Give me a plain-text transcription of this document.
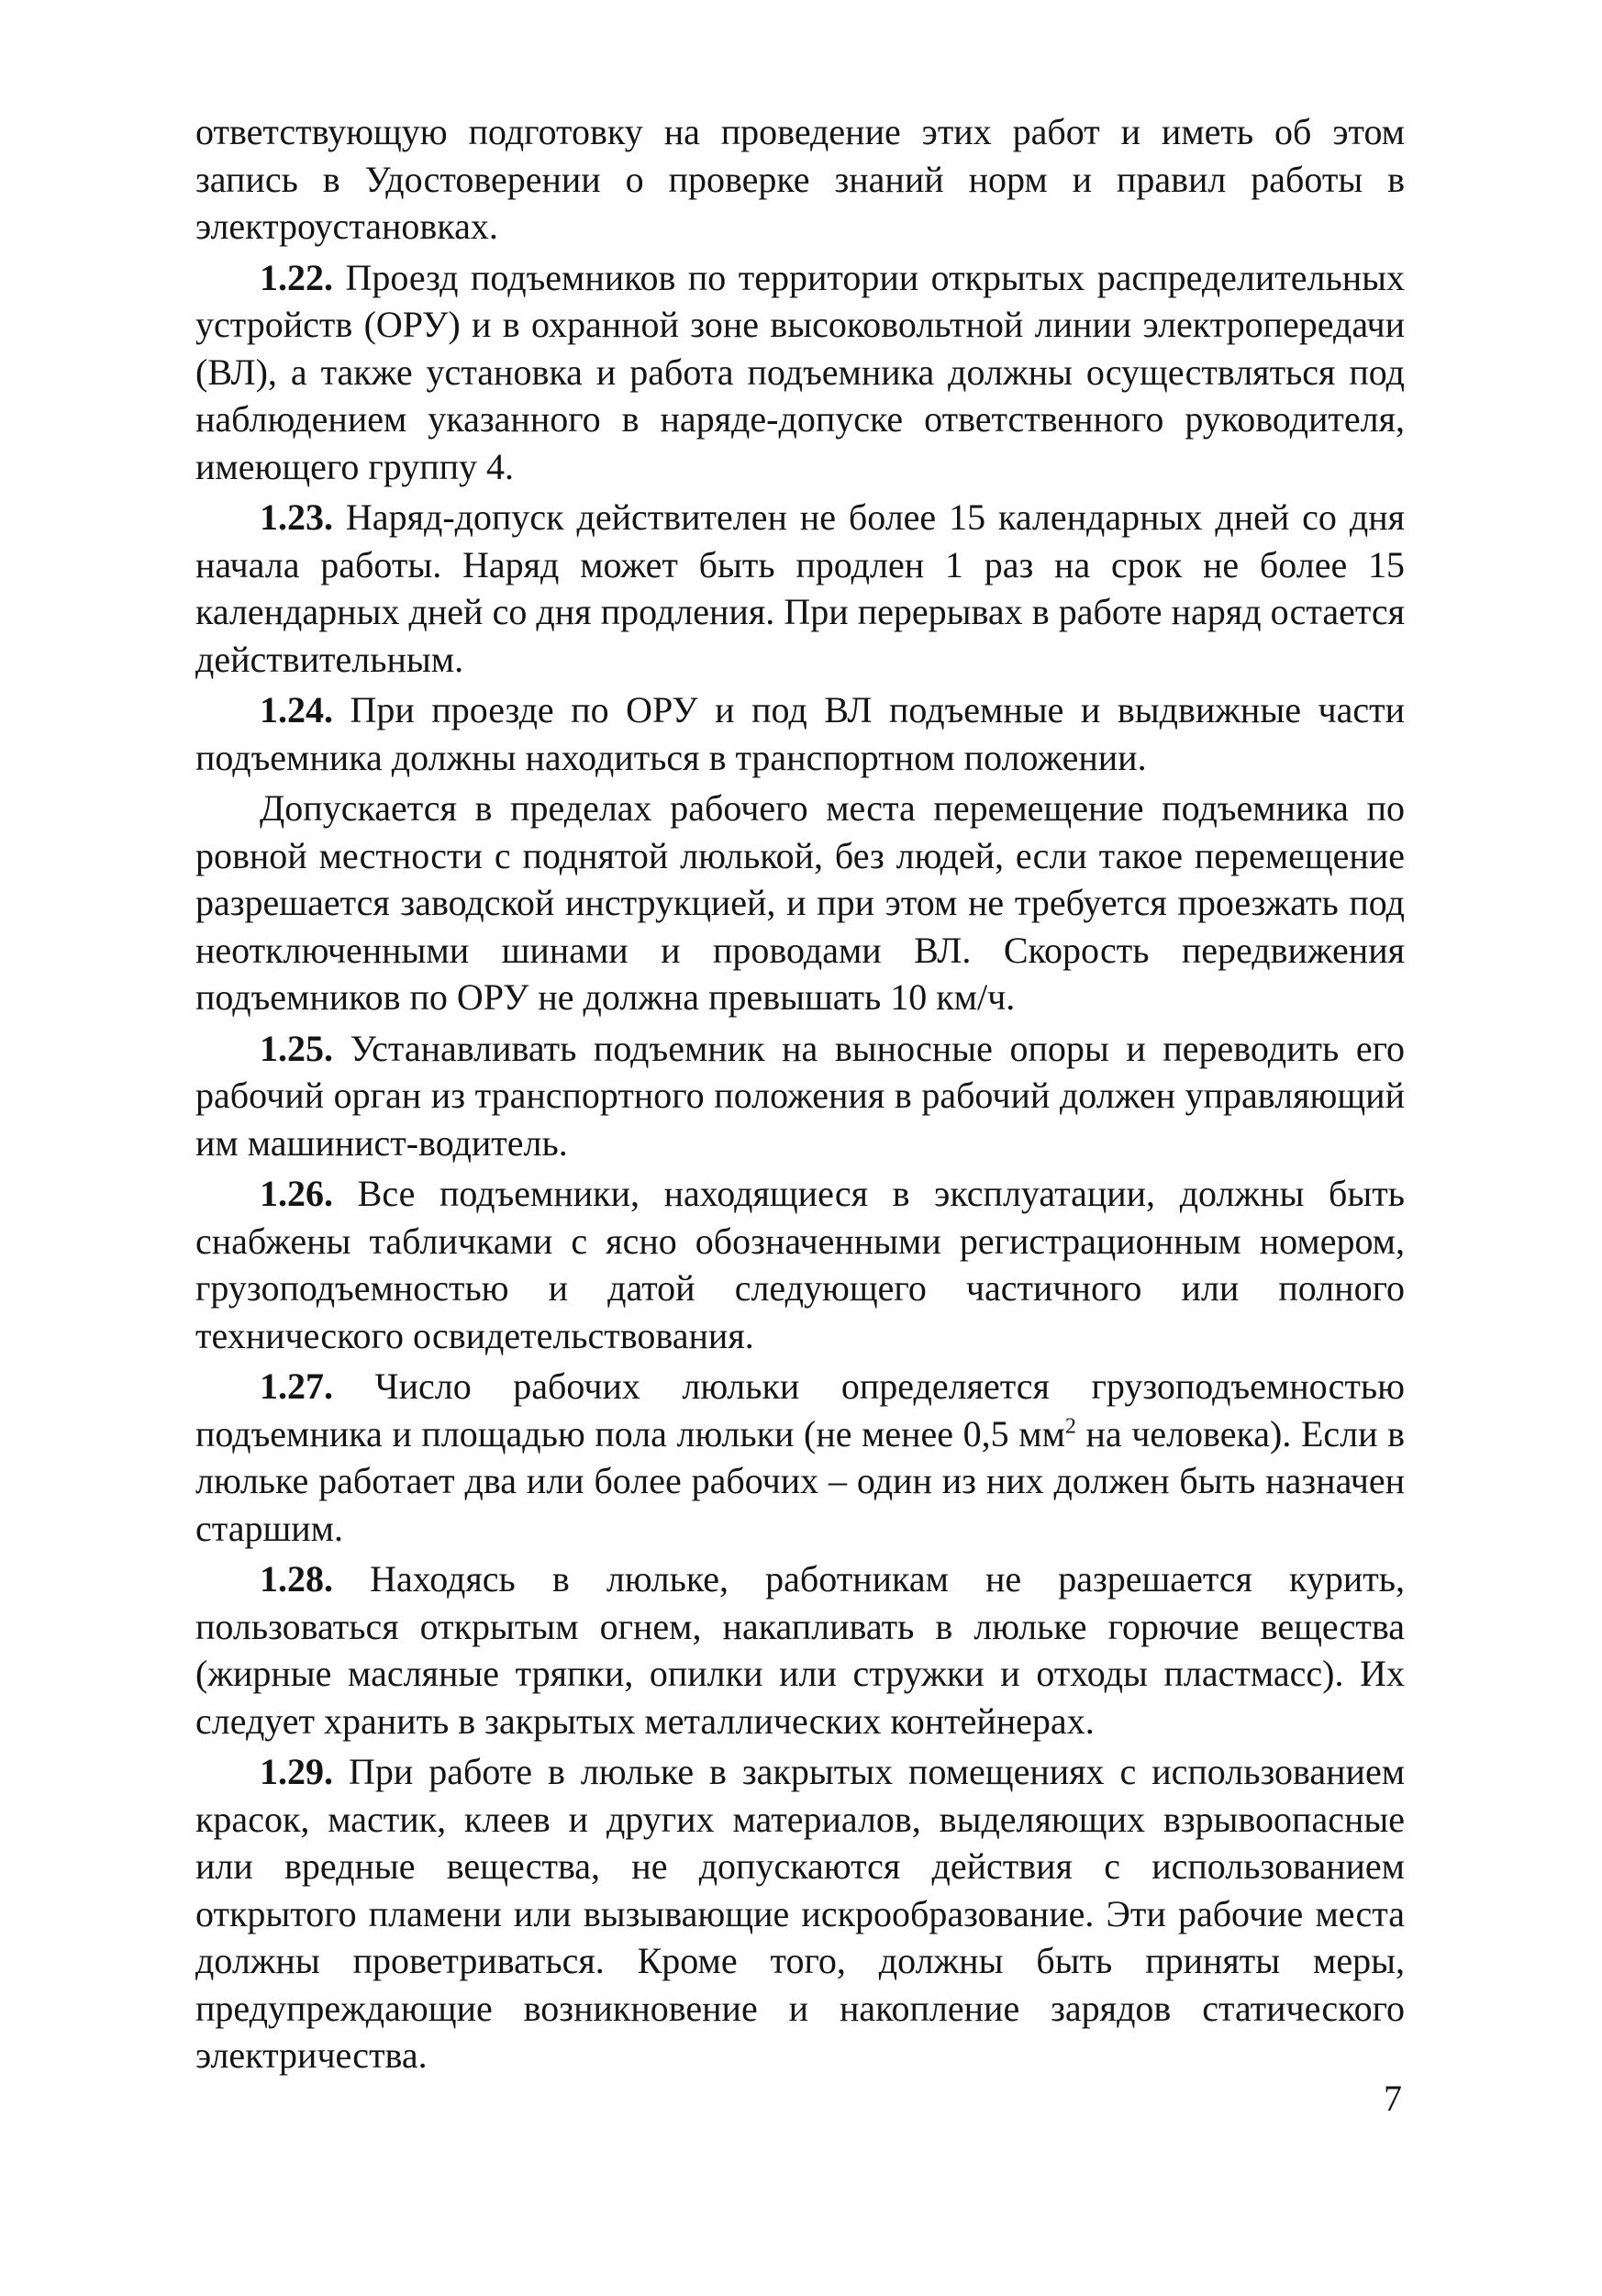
ответствующую подготовку на проведение этих работ и иметь об этом запись в Удостоверении о проверке знаний норм и правил работы в электроустановках.

1.22. Проезд подъемников по территории открытых распределительных устройств (ОРУ) и в охранной зоне высоковольтной линии электропередачи (ВЛ), а также установка и работа подъемника должны осуществляться под наблюдением указанного в наряде-допуске ответственного руководителя, имеющего группу 4.

1.23. Наряд-допуск действителен не более 15 календарных дней со дня начала работы. Наряд может быть продлен 1 раз на срок не более 15 календарных дней со дня продления. При перерывах в работе наряд остается действительным.

1.24. При проезде по ОРУ и под ВЛ подъемные и выдвижные части подъемника должны находиться в транспортном положении.

Допускается в пределах рабочего места перемещение подъемника по ровной местности с поднятой люлькой, без людей, если такое перемещение разрешается заводской инструкцией, и при этом не требуется проезжать под неотключенными шинами и проводами ВЛ. Скорость передвижения подъемников по ОРУ не должна превышать 10 км/ч.

1.25. Устанавливать подъемник на выносные опоры и переводить его рабочий орган из транспортного положения в рабочий должен управляющий им машинист-водитель.

1.26. Все подъемники, находящиеся в эксплуатации, должны быть снабжены табличками с ясно обозначенными регистрационным номером, грузоподъемностью и датой следующего частичного или полного технического освидетельствования.

1.27. Число рабочих люльки определяется грузоподъемностью подъемника и площадью пола люльки (не менее 0,5 $мм^2$ на человека). Если в люльке работает два или более рабочих – один из них должен быть назначен старшим.

1.28. Находясь в люльке, работникам не разрешается курить, пользоваться открытым огнем, накапливать в люльке горючие вещества (жирные масляные тряпки, опилки или стружки и отходы пластмасс). Их следует хранить в закрытых металлических контейнерах.

1.29. При работе в люльке в закрытых помещениях с использованием красок, мастик, клеев и других материалов, выделяющих взрывоопасные или вредные вещества, не допускаются действия с использованием открытого пламени или вызывающие искрообразование. Эти рабочие места должны проветриваться. Кроме того, должны быть приняты меры, предупреждающие возникновение и накопление зарядов статического электричества.

7
